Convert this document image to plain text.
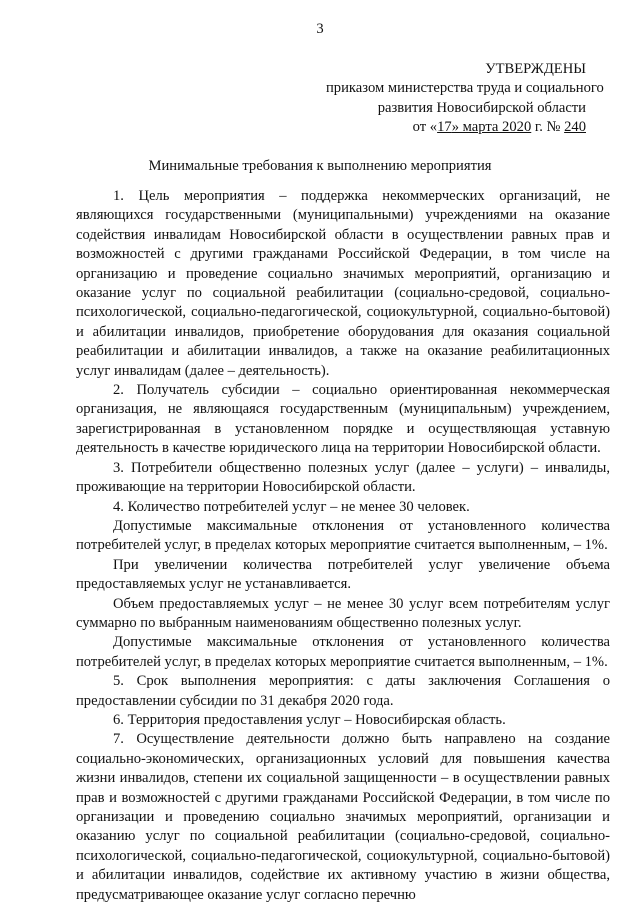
3
УТВЕРЖДЕНЫ
приказом министерства труда и социального
развития Новосибирской области
от «17» марта 2020 г. № 240
Минимальные требования к выполнению мероприятия

1. Цель мероприятия – поддержка некоммерческих организаций, не являющихся государственными (муниципальными) учреждениями на оказание содействия инвалидам Новосибирской области в осуществлении равных прав и возможностей с другими гражданами Российской Федерации, в том числе на организацию и проведение социально значимых мероприятий, организацию и оказание услуг по социальной реабилитации (социально-средовой, социально-психологической, социально-педагогической, социокультурной, социально-бытовой) и абилитации инвалидов, приобретение оборудования для оказания социальной реабилитации и абилитации инвалидов, а также на оказание реабилитационных услуг инвалидам (далее – деятельность).

2. Получатель субсидии – социально ориентированная некоммерческая организация, не являющаяся государственным (муниципальным) учреждением, зарегистрированная в установленном порядке и осуществляющая уставную деятельность в качестве юридического лица на территории Новосибирской области.

3. Потребители общественно полезных услуг (далее – услуги) – инвалиды, проживающие на территории Новосибирской области.

4. Количество потребителей услуг – не менее 30 человек.

Допустимые максимальные отклонения от установленного количества потребителей услуг, в пределах которых мероприятие считается выполненным, – 1%.

При увеличении количества потребителей услуг увеличение объема предоставляемых услуг не устанавливается.

Объем предоставляемых услуг – не менее 30 услуг всем потребителям услуг суммарно по выбранным наименованиям общественно полезных услуг.

Допустимые максимальные отклонения от установленного количества потребителей услуг, в пределах которых мероприятие считается выполненным, – 1%.

5. Срок выполнения мероприятия: с даты заключения Соглашения о предоставлении субсидии по 31 декабря 2020 года.

6. Территория предоставления услуг – Новосибирская область.

7. Осуществление деятельности должно быть направлено на создание социально-экономических, организационных условий для повышения качества жизни инвалидов, степени их социальной защищенности – в осуществлении равных прав и возможностей с другими гражданами Российской Федерации, в том числе по организации и проведению социально значимых мероприятий, организации и оказанию услуг по социальной реабилитации (социально-средовой, социально-психологической, социально-педагогической, социокультурной, социально-бытовой) и абилитации инвалидов, содействие их активному участию в жизни общества, предусматривающее оказание услуг согласно перечню
